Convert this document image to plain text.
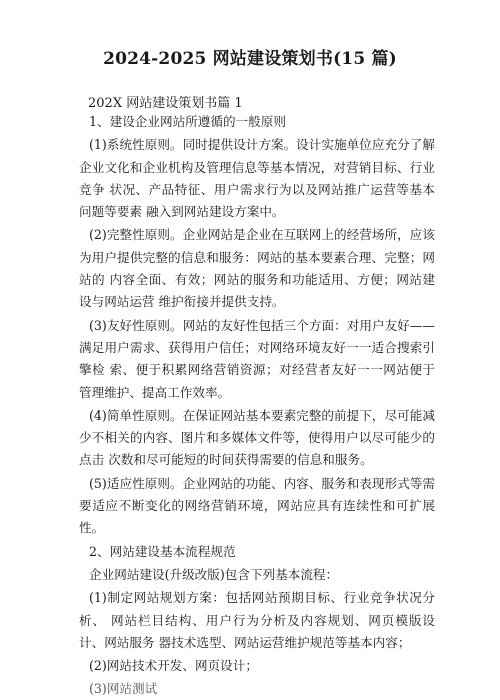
2024-2025 网站建设策划书(15 篇)
202X 网站建设策划书篇 1

1、建设企业网站所遵循的一般原则

(1)系统性原则。同时提供设计方案。设计实施单位应充分了解 企业文化和企业机构及管理信息等基本情况，对营销目标、行业竞争 状况、产品特征、用户需求行为以及网站推广运营等基本问题等要素 融入到网站建设方案中。

(2)完整性原则。企业网站是企业在互联网上的经营场所，应该 为用户提供完整的信息和服务：网站的基本要素合理、完整；网站的 内容全面、有效；网站的服务和功能适用、方便；网站建设与网站运营 维护衔接并提供支持。

(3)友好性原则。网站的友好性包括三个方面：对用户友好—— 满足用户需求、获得用户信任；对网络环境友好一一适合搜索引擎检 索、便于积累网络营销资源；对经营者友好一一网站便于管理维护、提高工作效率。

(4)简单性原则。在保证网站基本要素完整的前提下，尽可能减 少不相关的内容、图片和多媒体文件等，使得用户以尽可能少的点击 次数和尽可能短的时间获得需要的信息和服务。

(5)适应性原则。企业网站的功能、内容、服务和表现形式等需 要适应不断变化的网络营销环境，网站应具有连续性和可扩展性。

2、网站建设基本流程规范

企业网站建设(升级改版)包含下列基本流程：

(1)制定网站规划方案：包括网站预期目标、行业竞争状况分析、 网站栏目结构、用户行为分析及内容规划、网页模版设计、网站服务 器技术选型、网站运营维护规范等基本内容；

(2)网站技术开发、网页设计；

(3)网站测试
